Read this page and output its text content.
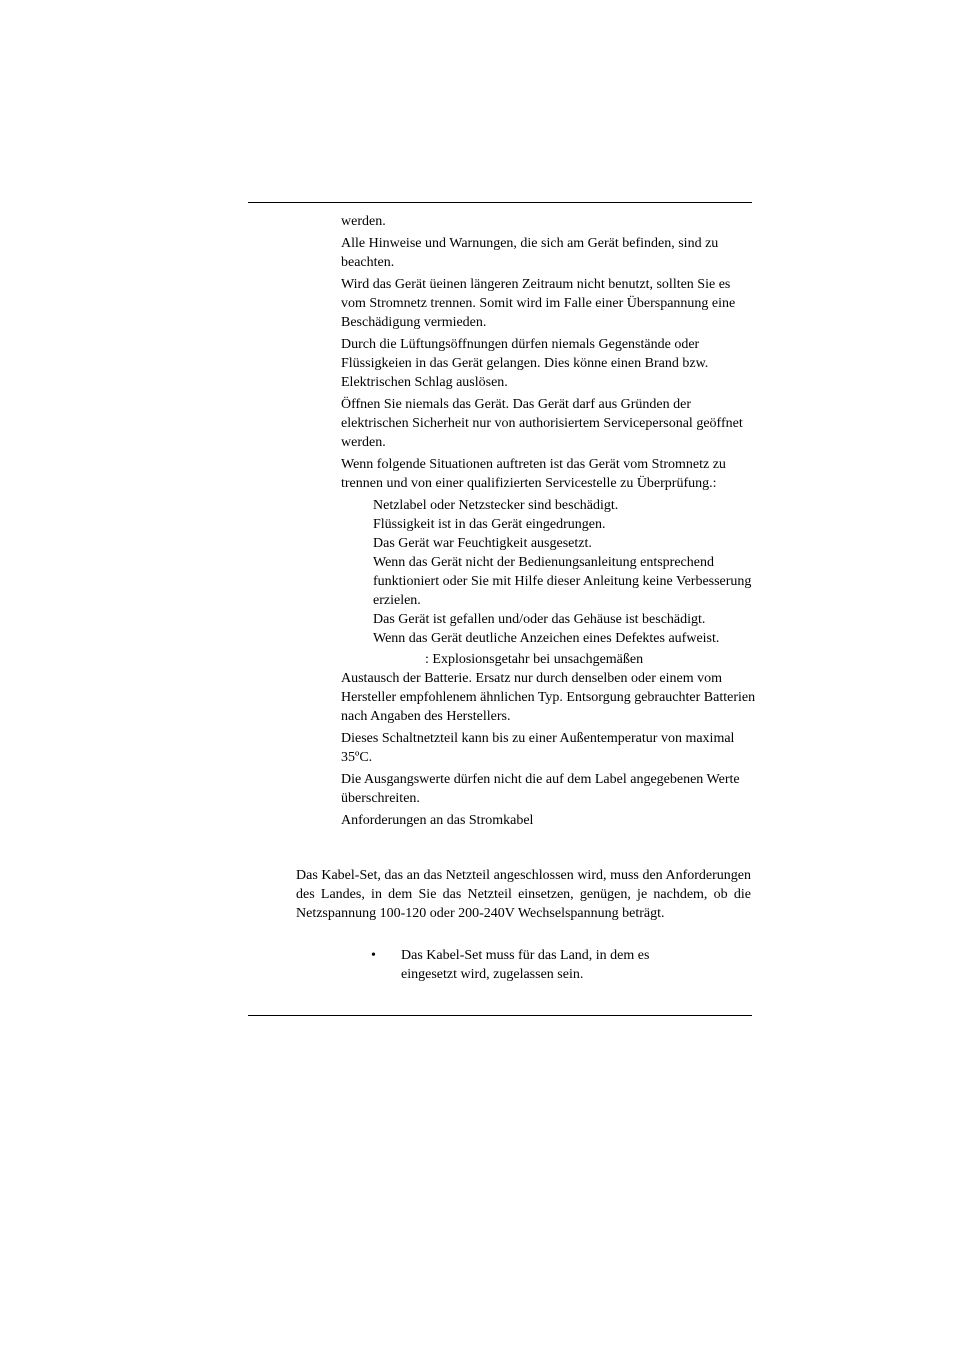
werden.
Alle Hinweise und Warnungen, die sich am Gerät befinden, sind zu beachten.
Wird das Gerät üeinen längeren Zeitraum nicht benutzt, sollten Sie es vom Stromnetz trennen. Somit wird im Falle einer Überspannung eine Beschädigung vermieden.
Durch die Lüftungsöffnungen dürfen niemals Gegenstände oder Flüssigkeien in das Gerät gelangen. Dies könne einen Brand bzw. Elektrischen Schlag auslösen.
Öffnen Sie niemals das Gerät. Das Gerät darf aus Gründen der elektrischen Sicherheit nur von authorisiertem Servicepersonal geöffnet werden.
Wenn folgende Situationen auftreten ist das Gerät vom Stromnetz zu trennen und von einer qualifizierten Servicestelle zu Überprüfung.:
Netzlabel oder Netzstecker sind beschädigt.
Flüssigkeit ist in das Gerät eingedrungen.
Das Gerät war Feuchtigkeit ausgesetzt.
Wenn das Gerät nicht der Bedienungsanleitung entsprechend funktioniert oder Sie mit Hilfe dieser Anleitung keine Verbesserung erzielen.
Das Gerät ist gefallen und/oder das Gehäuse ist beschädigt.
Wenn das Gerät deutliche Anzeichen eines Defektes aufweist.
: Explosionsgetahr bei unsachgemäßen
Austausch der Batterie. Ersatz nur durch denselben oder einem vom Hersteller empfohlenem ähnlichen Typ. Entsorgung gebrauchter Batterien nach Angaben des Herstellers.
Dieses Schaltnetzteil kann bis zu einer Außentemperatur von maximal 35ºC.
Die Ausgangswerte dürfen nicht die auf dem Label angegebenen Werte überschreiten.
Anforderungen an das Stromkabel
Das Kabel-Set, das an das Netzteil angeschlossen wird, muss den Anforderungen des Landes, in dem Sie das Netzteil einsetzen, genügen, je nachdem, ob die Netzspannung 100-120 oder 200-240V Wechselspannung beträgt.
•	Das Kabel-Set muss für das Land, in dem es eingesetzt wird, zugelassen sein.
